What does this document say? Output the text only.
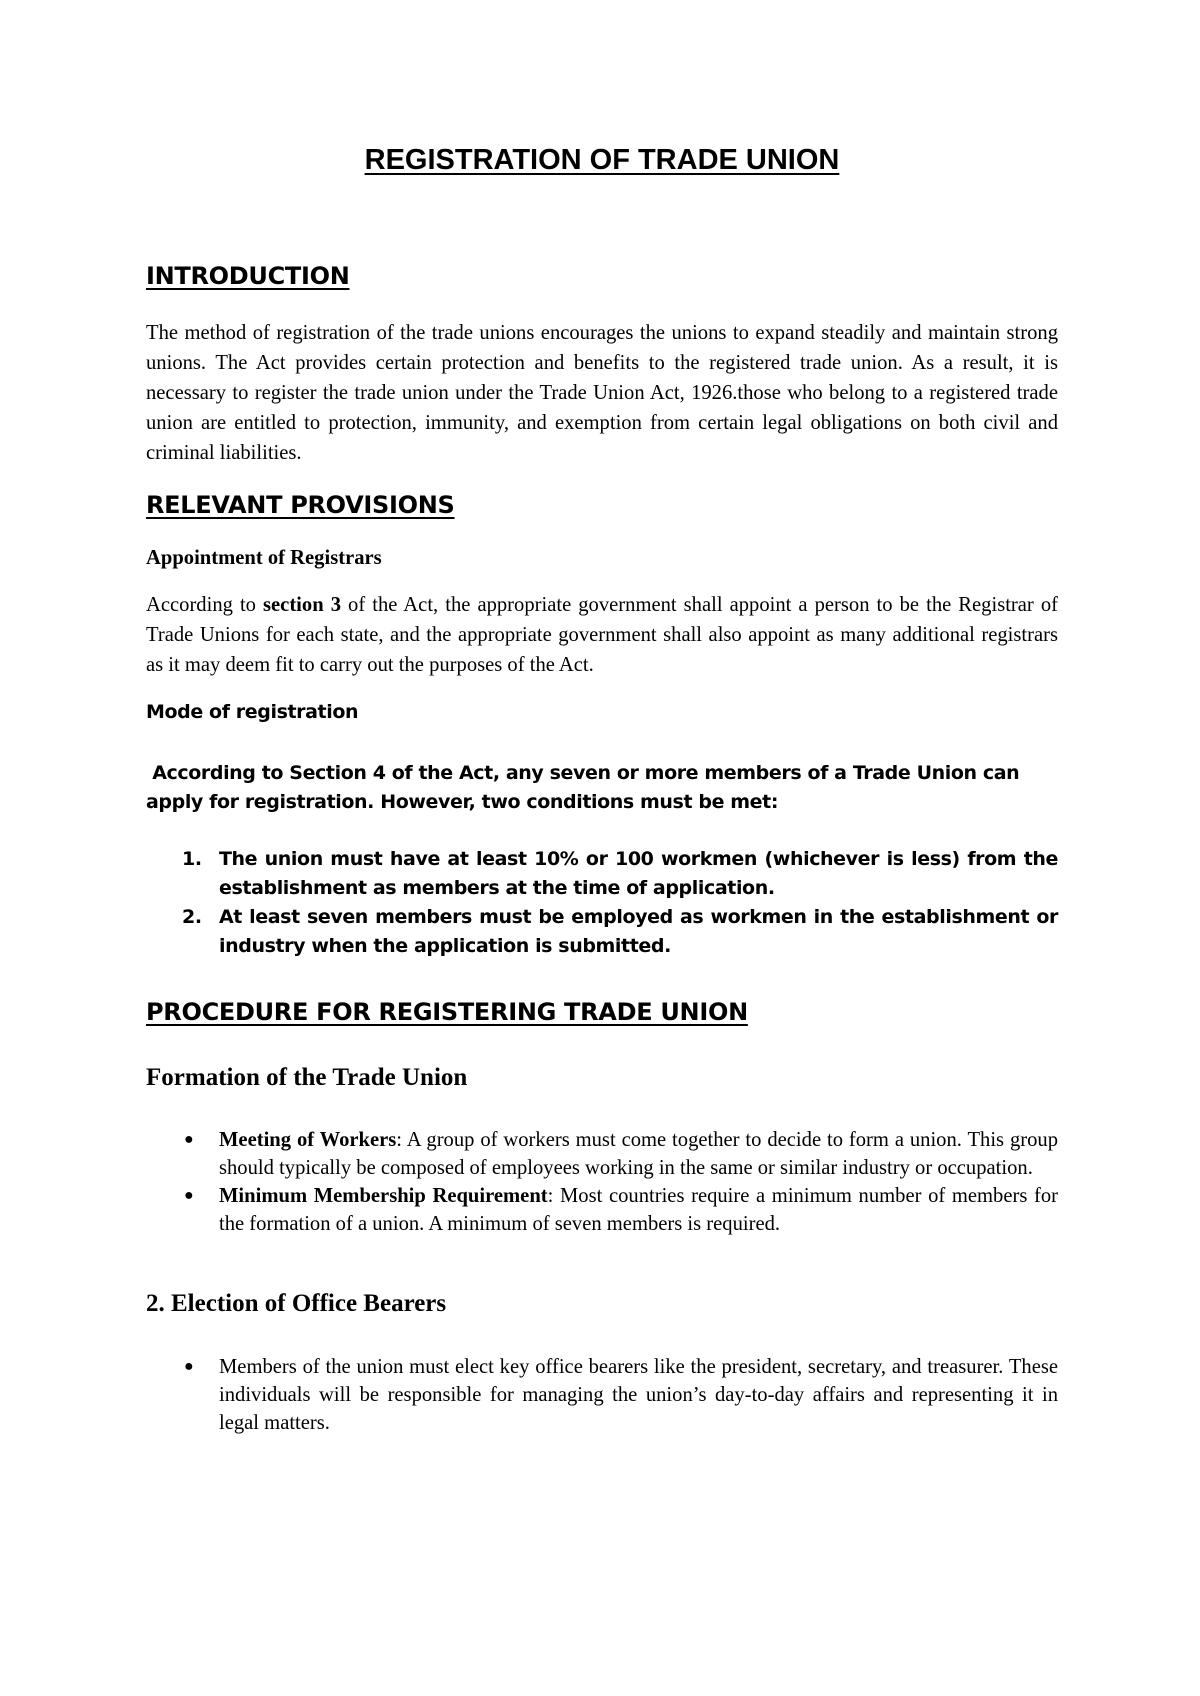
REGISTRATION OF TRADE UNION
INTRODUCTION

The method of registration of the trade unions encourages the unions to expand steadily and maintain strong unions. The Act provides certain protection and benefits to the registered trade union. As a result, it is necessary to register the trade union under the Trade Union Act, 1926.those who belong to a registered trade union are entitled to protection, immunity, and exemption from certain legal obligations on both civil and criminal liabilities.

RELEVANT PROVISIONS
Appointment of Registrars

According to section 3 of the Act, the appropriate government shall appoint a person to be the Registrar of Trade Unions for each state, and the appropriate government shall also appoint as many additional registrars as it may deem fit to carry out the purposes of the Act.

Mode of registration

According to Section 4 of the Act, any seven or more members of a Trade Union can apply for registration. However, two conditions must be met:

1. The union must have at least 10% or 100 workmen (whichever is less) from the establishment as members at the time of application.
2. At least seven members must be employed as workmen in the establishment or industry when the application is submitted.
PROCEDURE FOR REGISTERING TRADE UNION
Formation of the Trade Union
● Meeting of Workers: A group of workers must come together to decide to form a union. This group should typically be composed of employees working in the same or similar industry or occupation.
● Minimum Membership Requirement: Most countries require a minimum number of members for the formation of a union. A minimum of seven members is required.
2. Election of Office Bearers
● Members of the union must elect key office bearers like the president, secretary, and treasurer. These individuals will be responsible for managing the union’s day-to-day affairs and representing it in legal matters.
